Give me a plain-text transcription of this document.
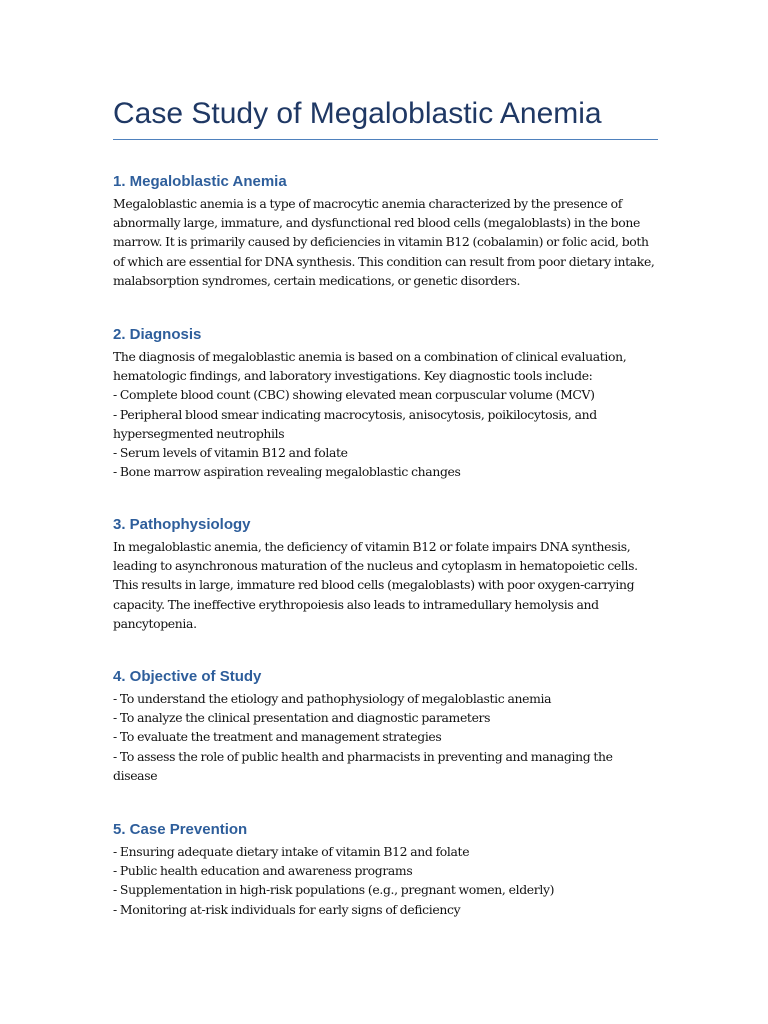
Case Study of Megaloblastic Anemia
1. Megaloblastic Anemia

Megaloblastic anemia is a type of macrocytic anemia characterized by the presence of
abnormally large, immature, and dysfunctional red blood cells (megaloblasts) in the bone
marrow. It is primarily caused by deficiencies in vitamin B12 (cobalamin) or folic acid, both
of which are essential for DNA synthesis. This condition can result from poor dietary intake,
malabsorption syndromes, certain medications, or genetic disorders.

2. Diagnosis

The diagnosis of megaloblastic anemia is based on a combination of clinical evaluation,
hematologic findings, and laboratory investigations. Key diagnostic tools include:
- Complete blood count (CBC) showing elevated mean corpuscular volume (MCV)
- Peripheral blood smear indicating macrocytosis, anisocytosis, poikilocytosis, and
hypersegmented neutrophils
- Serum levels of vitamin B12 and folate
- Bone marrow aspiration revealing megaloblastic changes

3. Pathophysiology

In megaloblastic anemia, the deficiency of vitamin B12 or folate impairs DNA synthesis,
leading to asynchronous maturation of the nucleus and cytoplasm in hematopoietic cells.
This results in large, immature red blood cells (megaloblasts) with poor oxygen-carrying
capacity. The ineffective erythropoiesis also leads to intramedullary hemolysis and
pancytopenia.

4. Objective of Study

- To understand the etiology and pathophysiology of megaloblastic anemia
- To analyze the clinical presentation and diagnostic parameters
- To evaluate the treatment and management strategies
- To assess the role of public health and pharmacists in preventing and managing the
disease

5. Case Prevention

- Ensuring adequate dietary intake of vitamin B12 and folate
- Public health education and awareness programs
- Supplementation in high-risk populations (e.g., pregnant women, elderly)
- Monitoring at-risk individuals for early signs of deficiency
